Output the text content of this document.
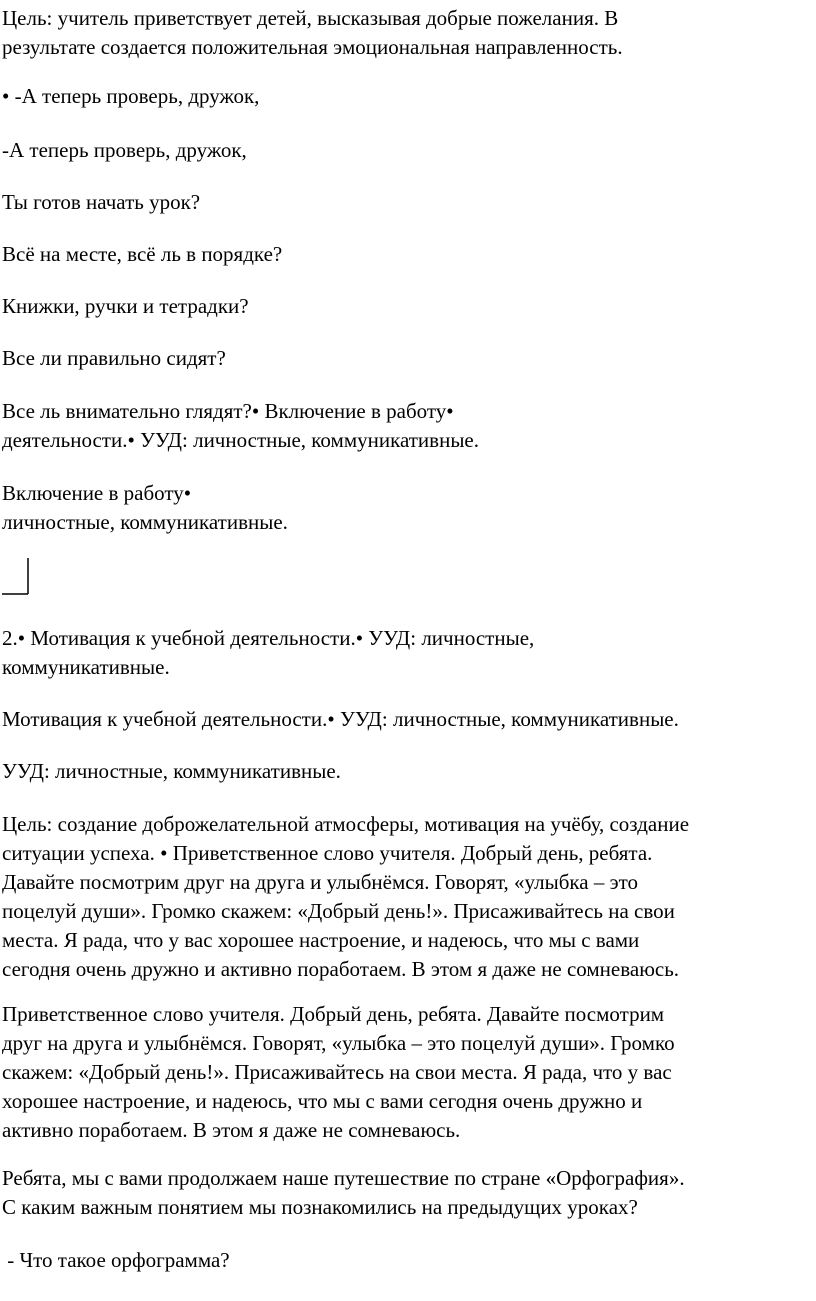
Цель: учитель приветствует детей, высказывая добрые пожелания. В
результате создается положительная эмоциональная направленность.
• -А теперь проверь, дружок,
-А теперь проверь, дружок,
Ты готов начать урок?
Всё на месте, всё ль в порядке?
Книжки, ручки и тетрадки?
Все ли правильно сидят?
Все ль внимательно глядят?• Включение в работу•
деятельности.• УУД: личностные, коммуникативные.
Включение в работу•
личностные, коммуникативные.
2.• Мотивация к учебной деятельности.• УУД: личностные,
коммуникативные.
Мотивация к учебной деятельности.• УУД: личностные, коммуникативные.
УУД: личностные, коммуникативные.
Цель: создание доброжелательной атмосферы, мотивация на учёбу, создание
ситуации успеха. • Приветственное слово учителя. Добрый день, ребята.
Давайте посмотрим друг на друга и улыбнёмся. Говорят, «улыбка – это
поцелуй души». Громко скажем: «Добрый день!». Присаживайтесь на свои
места. Я рада, что у вас хорошее настроение, и надеюсь, что мы с вами
сегодня очень дружно и активно поработаем. В этом я даже не сомневаюсь.
Приветственное слово учителя. Добрый день, ребята. Давайте посмотрим
друг на друга и улыбнёмся. Говорят, «улыбка – это поцелуй души». Громко
скажем: «Добрый день!». Присаживайтесь на свои места. Я рада, что у вас
хорошее настроение, и надеюсь, что мы с вами сегодня очень дружно и
активно поработаем. В этом я даже не сомневаюсь.
Ребята, мы с вами продолжаем наше путешествие по стране «Орфография».
С каким важным понятием мы познакомились на предыдущих уроках?
- Что такое орфограмма?
